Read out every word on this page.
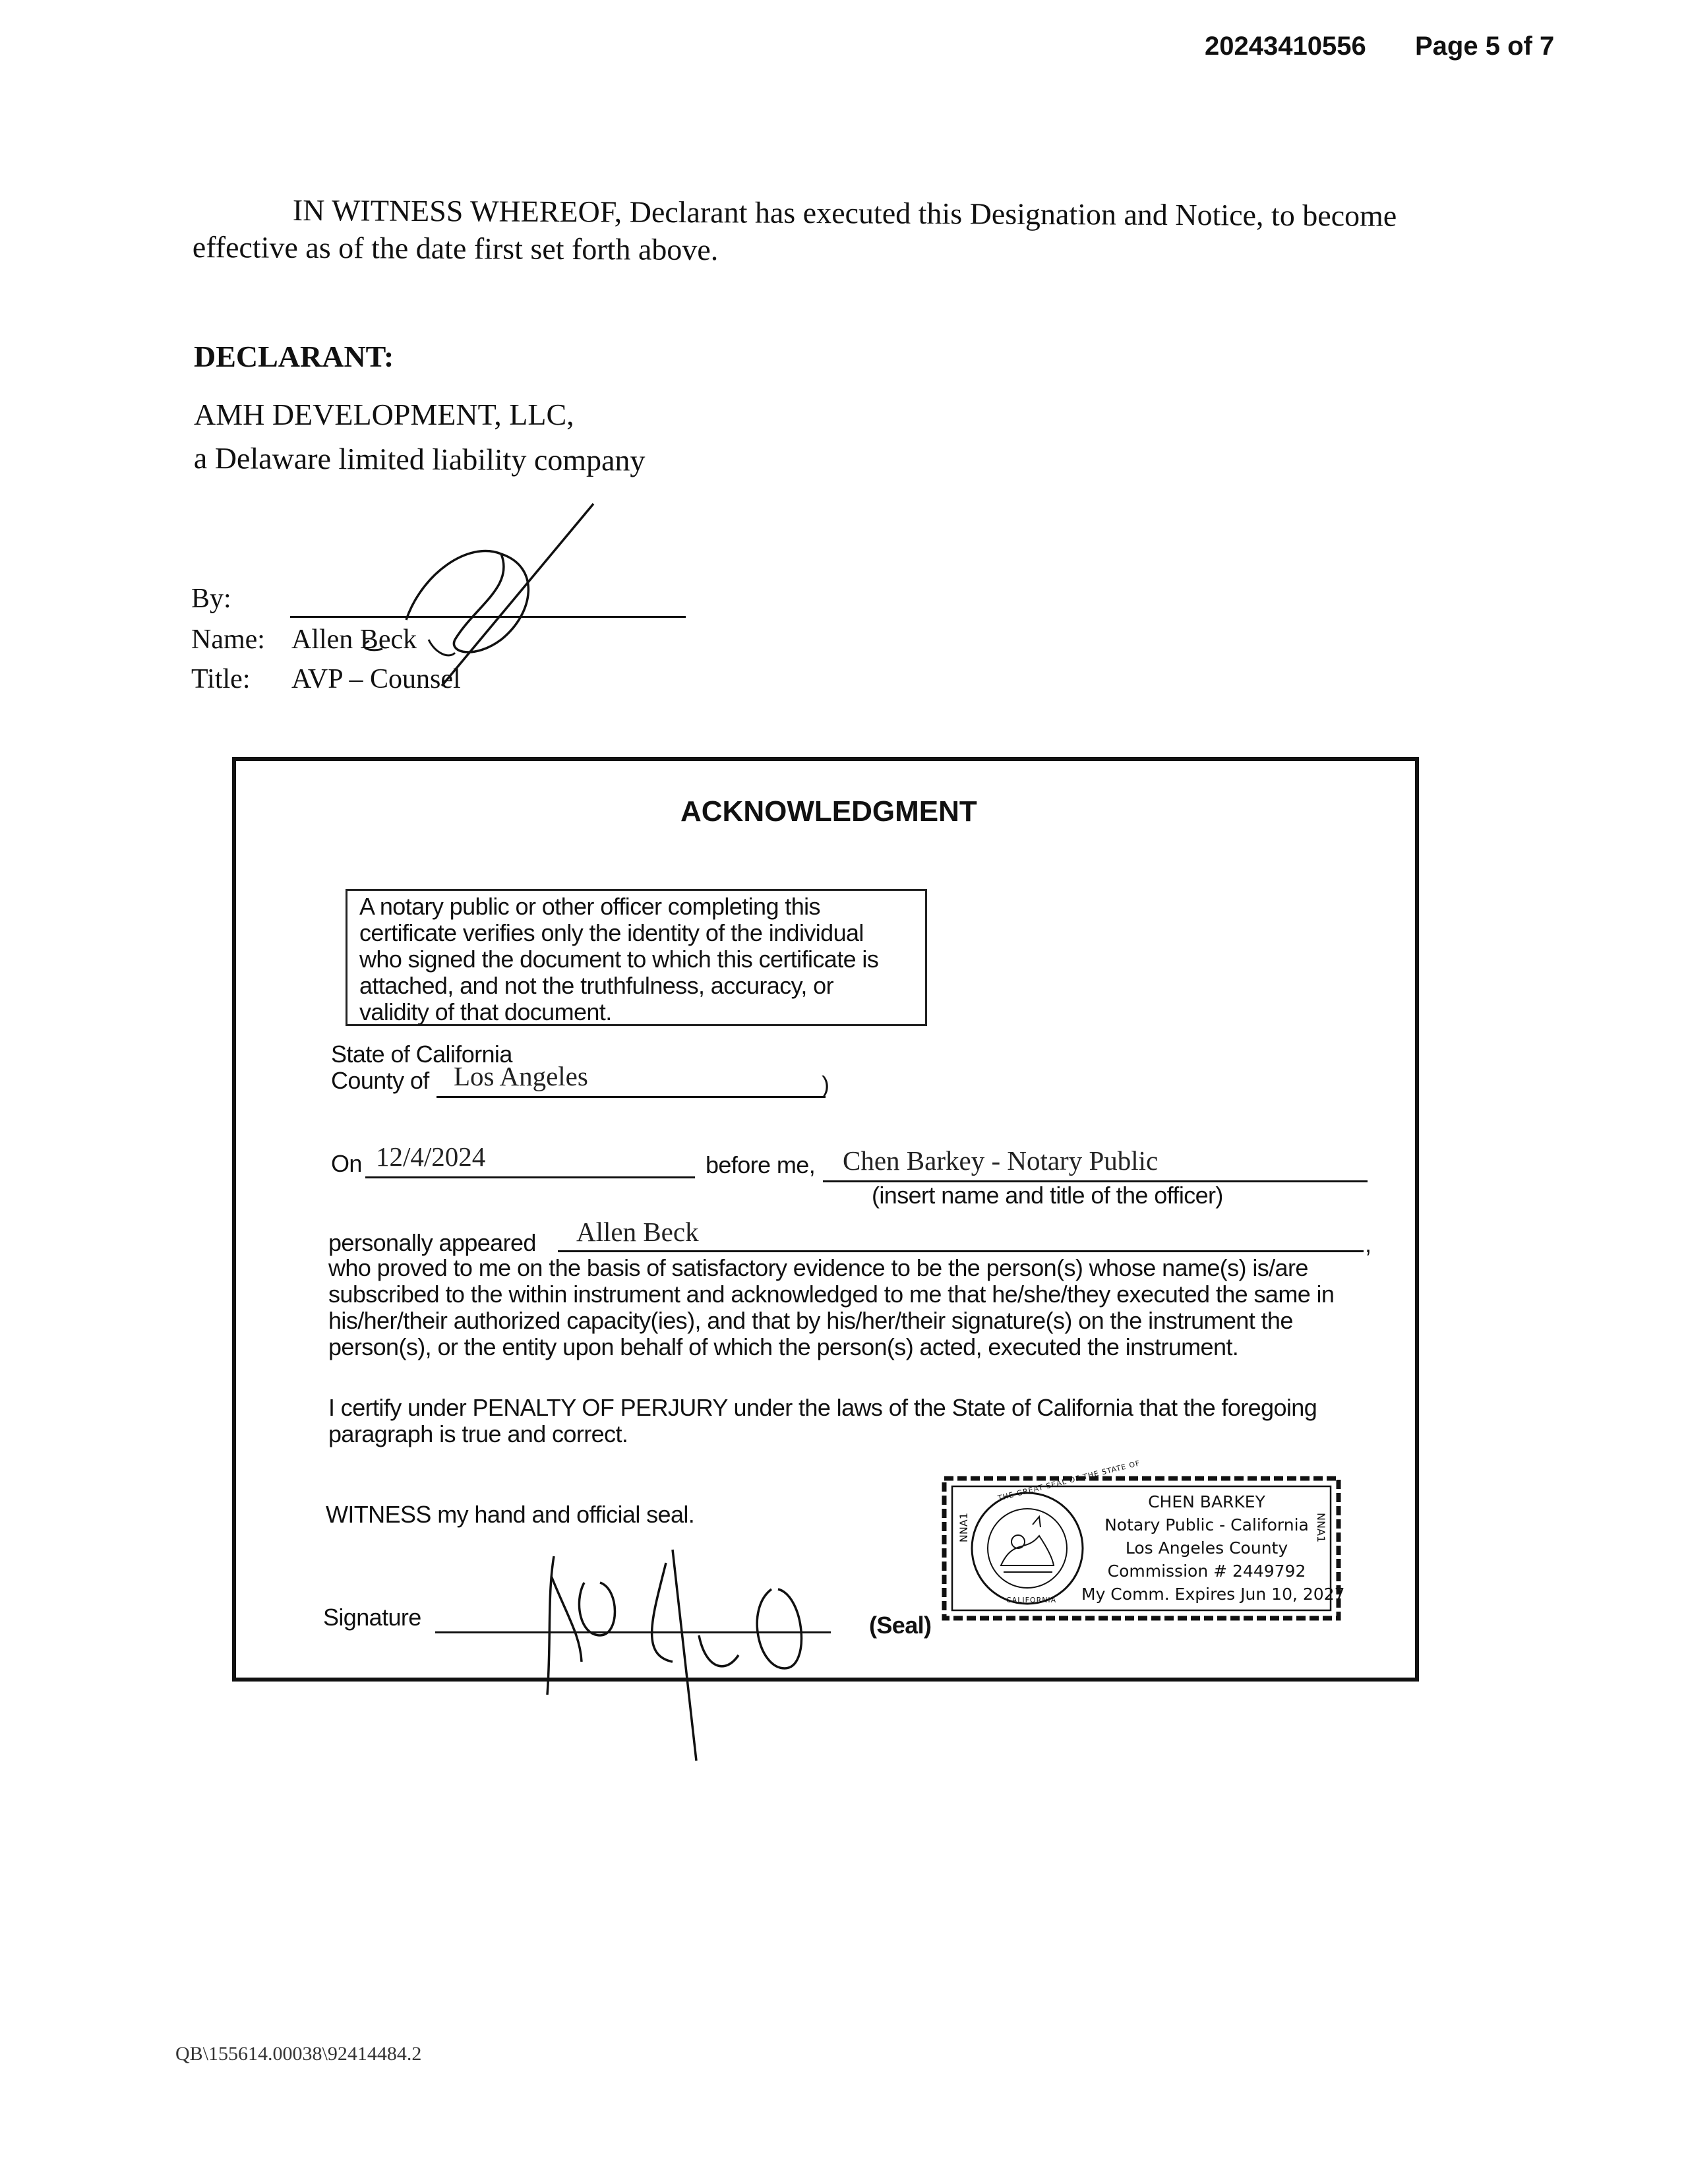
20243410556 Page 5 of 7
IN WITNESS WHEREOF, Declarant has executed this Designation and Notice, to become
effective as of the date first set forth above.
DECLARANT:
AMH DEVELOPMENT, LLC,
a Delaware limited liability company
By:
Name: Allen Beck
Title: AVP – Counsel
ACKNOWLEDGMENT
A notary public or other officer completing this
certificate verifies only the identity of the individual
who signed the document to which this certificate is
attached, and not the truthfulness, accuracy, or
validity of that document.
State of California
County of Los Angeles	)
On 12/4/2024	before me, Chen Barkey - Notary Public
(insert name and title of the officer)
personally appeared Allen Beck	,
who proved to me on the basis of satisfactory evidence to be the person(s) whose name(s) is/are
subscribed to the within instrument and acknowledged to me that he/she/they executed the same in
his/her/their authorized capacity(ies), and that by his/her/their signature(s) on the instrument the
person(s), or the entity upon behalf of which the person(s) acted, executed the instrument.
I certify under PENALTY OF PERJURY under the laws of the State of California that the foregoing
paragraph is true and correct.
WITNESS my hand and official seal.
Signature	(Seal)
NNA1	NNA1
THE GREAT SEAL OF THE STATE OF
CALIFORNIA
CHEN BARKEY
Notary Public - California
Los Angeles County
Commission # 2449792
My Comm. Expires Jun 10, 2027
QB\155614.00038\92414484.2
